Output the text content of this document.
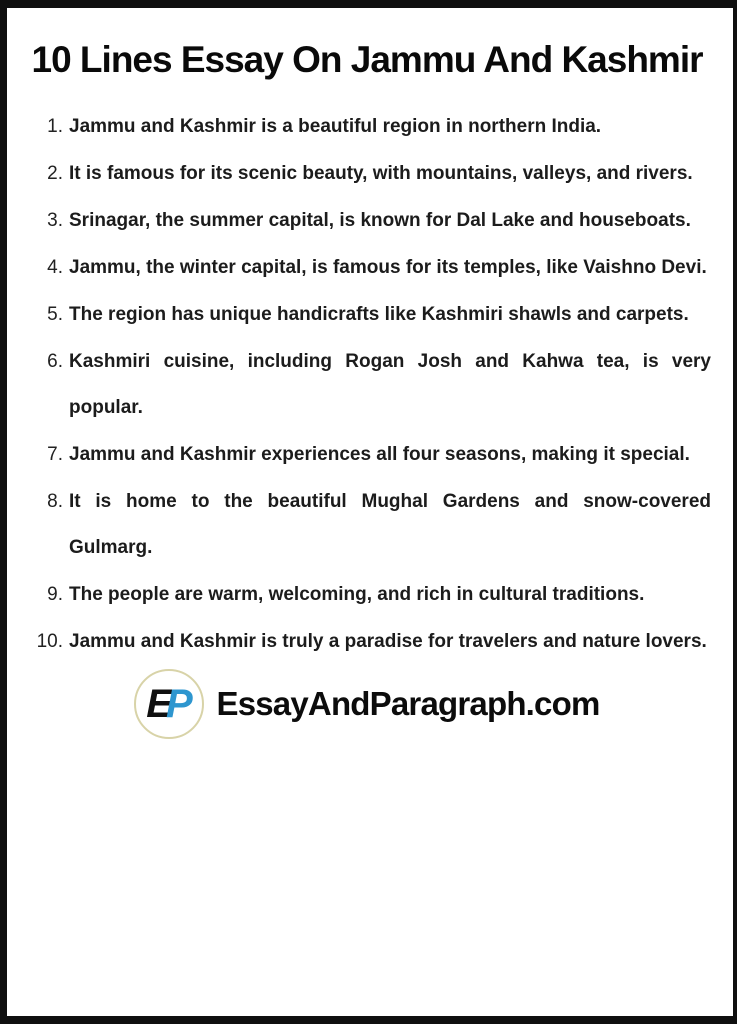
10 Lines Essay On Jammu And Kashmir
1. Jammu and Kashmir is a beautiful region in northern India.
2. It is famous for its scenic beauty, with mountains, valleys, and rivers.
3. Srinagar, the summer capital, is known for Dal Lake and houseboats.
4. Jammu, the winter capital, is famous for its temples, like Vaishno Devi.
5. The region has unique handicrafts like Kashmiri shawls and carpets.
6. Kashmiri cuisine, including Rogan Josh and Kahwa tea, is very popular.
7. Jammu and Kashmir experiences all four seasons, making it special.
8. It is home to the beautiful Mughal Gardens and snow-covered Gulmarg.
9. The people are warm, welcoming, and rich in cultural traditions.
10. Jammu and Kashmir is truly a paradise for travelers and nature lovers.
E
P EssayAndParagraph.com
